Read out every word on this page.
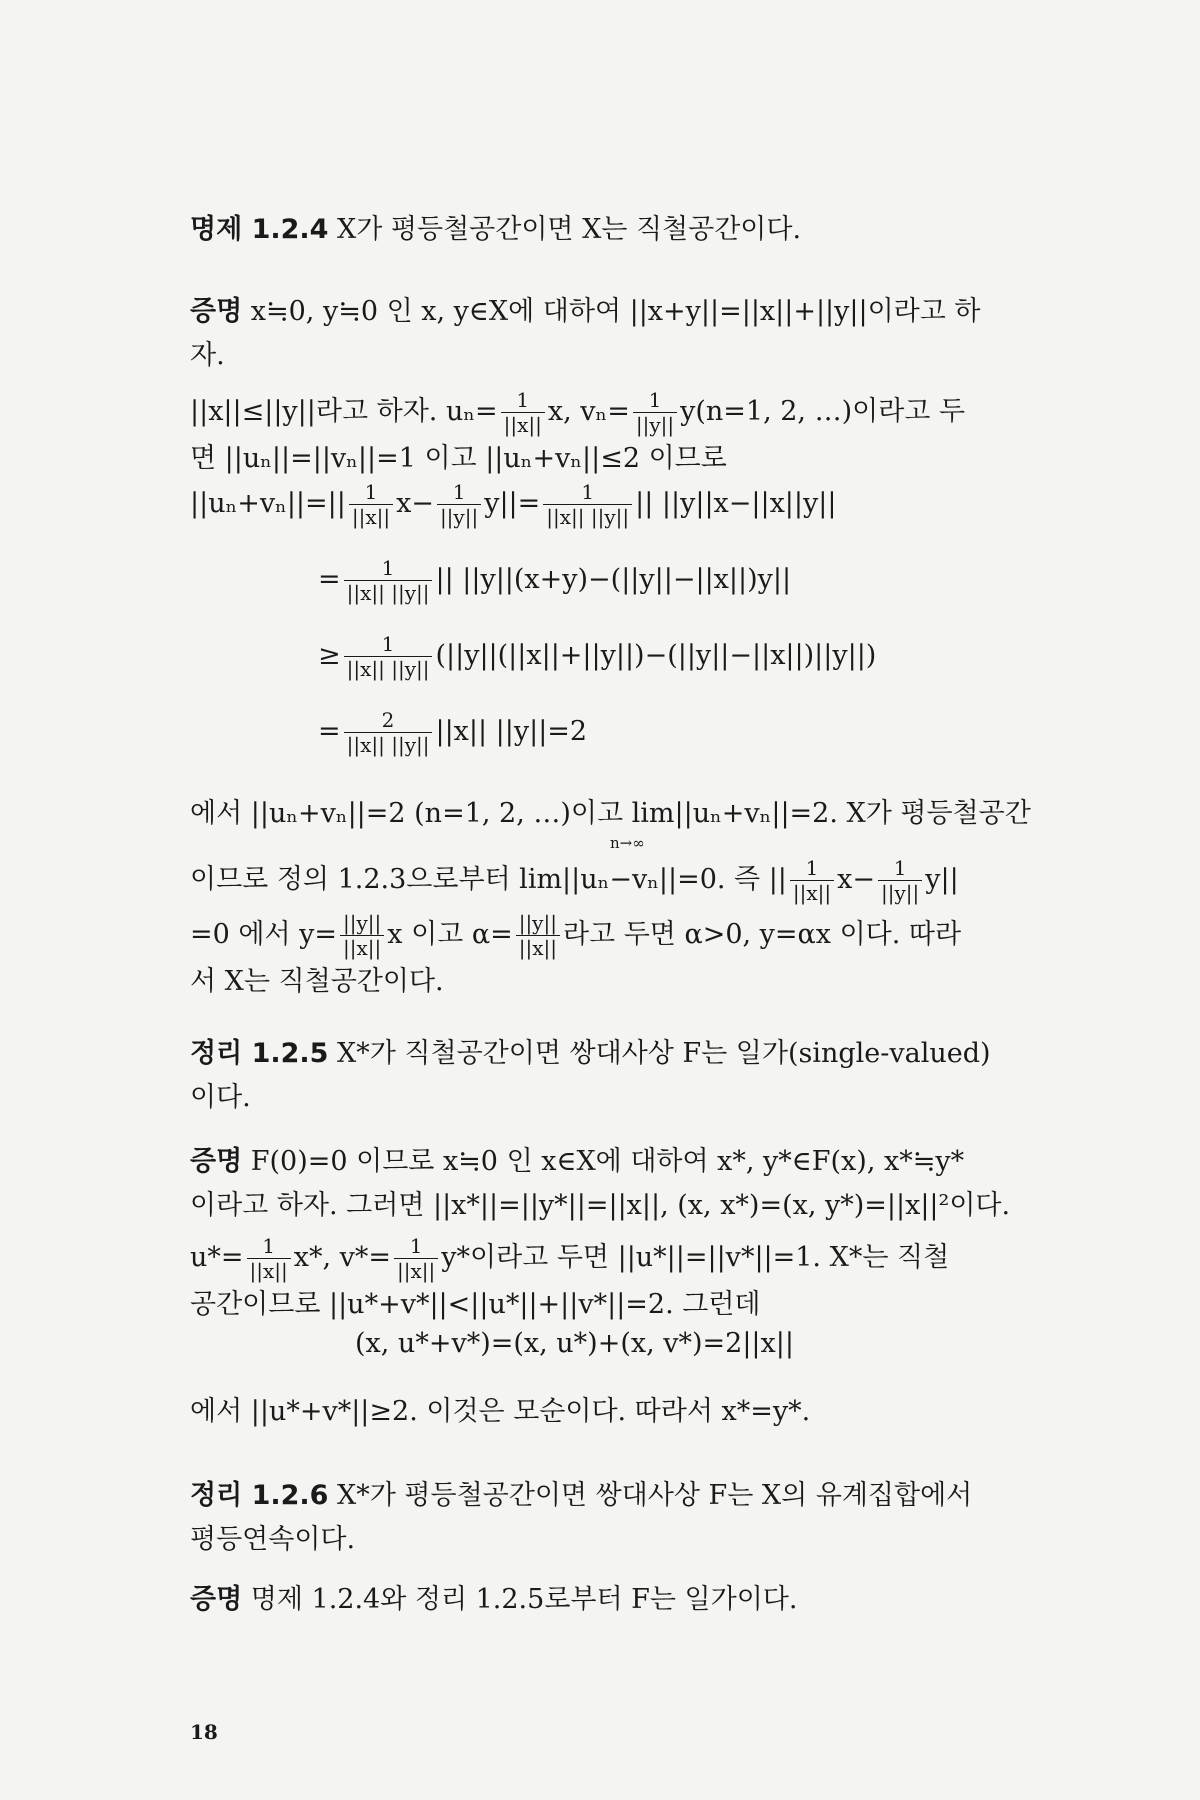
명제 1.2.4 X가 평등철공간이면 X는 직철공간이다.
증명 x≒0, y≒0 인 x, y∈X에 대하여 ||x+y||=||x||+||y||이라고 하
자.
||x||≤||y||라고 하자. $u_n= \frac{1}{||x||} x$, $v_n= \frac{1}{||y||} y(n=1$, 2, …)이라고 두
면 ||uₙ||=||vₙ||=1 이고 ||uₙ+vₙ||≤2 이므로
$||u_n+v_n||=|| \frac{1}{||x||} x- \frac{1}{||y||} y||= \frac{1}{||x|| ||y||}$ || ||y||x−||x||y||
= $\frac{1}{||x|| ||y||}$ || ||y||(x+y)−(||y||−||x||)y||
≥ $\frac{1}{||x|| ||y||} (||y||(||x||+||y||)-(||y||-||x||)||y||)$
= $\frac{2}{||x|| ||y||} ||x||$ ||y||=2
에서 ||uₙ+vₙ||=2 (n=1, 2, …)이고 lim||uₙ+vₙ||=2. X가 평등철공간
n→∞
이므로 정의 1.2.3으로부터 lim||uₙ−vₙ||=0. 즉 || $\frac{1}{||x||} x- \frac{1}{||y||} y||$
=0 에서 $y= \frac{||y||}{||x||}$ x 이고 $\alpha= \frac{||y||}{||x||}$ 라고 두면 α>0, y=αx 이다. 따라
서 X는 직철공간이다.
정리 1.2.5 X*가 직철공간이면 쌍대사상 F는 일가(single-valued)
이다.
증명 F(0)=0 이므로 x≒0 인 x∈X에 대하여 x*, y*∈F(x), x*≒y*
이라고 하자. 그러면 ||x*||=||y*||=||x||, (x, x*)=(x, y*)=||x||²이다.
$u*= \frac{1}{||x||} x*$, $v*= \frac{1}{||x||} y*$이라고 두면 ||u*||=||v*||=1. X*는 직철
공간이므로 ||u*+v*||<||u*||+||v*||=2. 그런데
(x, u*+v*)=(x, u*)+(x, v*)=2||x||
에서 ||u*+v*||≥2. 이것은 모순이다. 따라서 x*=y*.
정리 1.2.6 X*가 평등철공간이면 쌍대사상 F는 X의 유계집합에서
평등연속이다.
증명 명제 1.2.4와 정리 1.2.5로부터 F는 일가이다.
18
